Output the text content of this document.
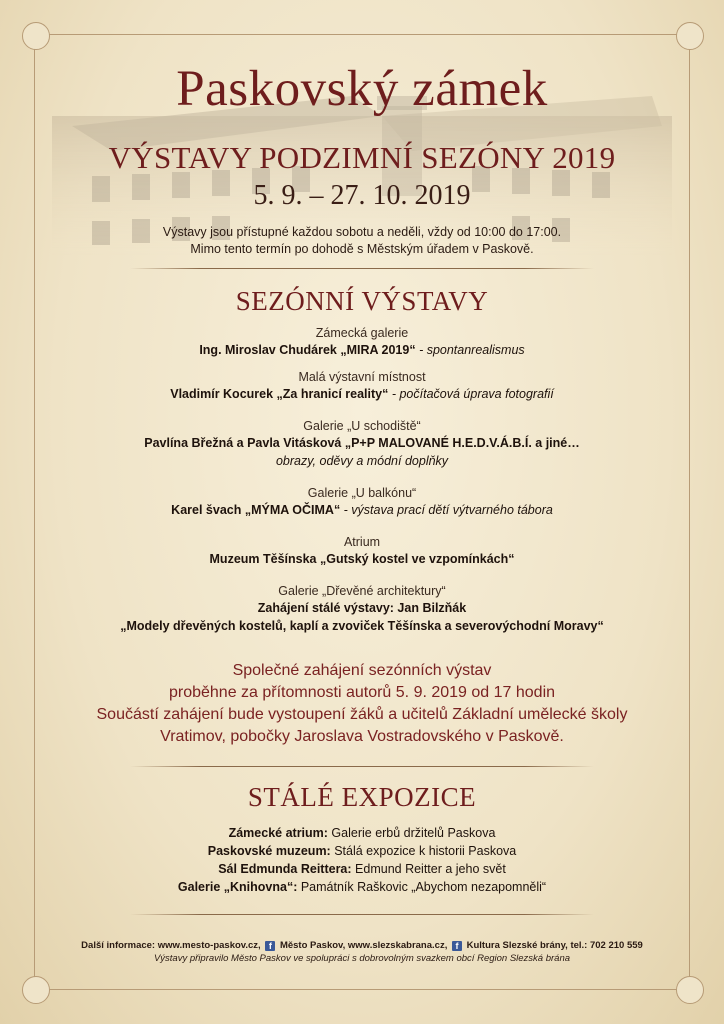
Paskovský zámek
VÝSTAVY PODZIMNÍ SEZÓNY 2019
5. 9. – 27. 10. 2019
Výstavy jsou přístupné každou sobotu a neděli, vždy od 10:00 do 17:00.
Mimo tento termín po dohodě s Městským úřadem v Paskově.
SEZÓNNÍ VÝSTAVY
Zámecká galerie
Ing. Miroslav Chudárek „MIRA 2019“ - spontanrealismus
Malá výstavní místnost
Vladimír Kocurek „Za hranicí reality“ - počítačová úprava fotografií
Galerie „U schodiště“
Pavlína Břežná a Pavla Vitásková „P+P MALOVANÉ H.E.D.V.Á.B.Í. a jiné…
obrazy, oděvy a módní doplňky
Galerie „U balkónu“
Karel švach „MÝMA OČIMA“ - výstava prací dětí výtvarného tábora
Atrium
Muzeum Těšínska „Gutský kostel ve vzpomínkách“
Galerie „Dřevěné architektury“
Zahájení stálé výstavy: Jan Bilzňák
„Modely dřevěných kostelů, kaplí a zvoviček Těšínska a severovýchodní Moravy“
Společné zahájení sezónních výstav
proběhne za přítomnosti autorů 5. 9. 2019 od 17 hodin
Součástí zahájení bude vystoupení žáků a učitelů Základní umělecké školy
Vratimov, pobočky Jaroslava Vostradovského v Paskově.
STÁLÉ EXPOZICE
Zámecké atrium: Galerie erbů držitelů Paskova
Paskovské muzeum: Stálá expozice k historii Paskova
Sál Edmunda Reittera: Edmund Reitter a jeho svět
Galerie „Knihovna“: Památník Raškovic „Abychom nezapomněli“
Další informace: www.mesto-paskov.cz, f Město Paskov, www.slezskabrana.cz, f Kultura Slezské brány, tel.: 702 210 559
Výstavy připravilo Město Paskov ve spolupráci s dobrovolným svazkem obcí Region Slezská brána
